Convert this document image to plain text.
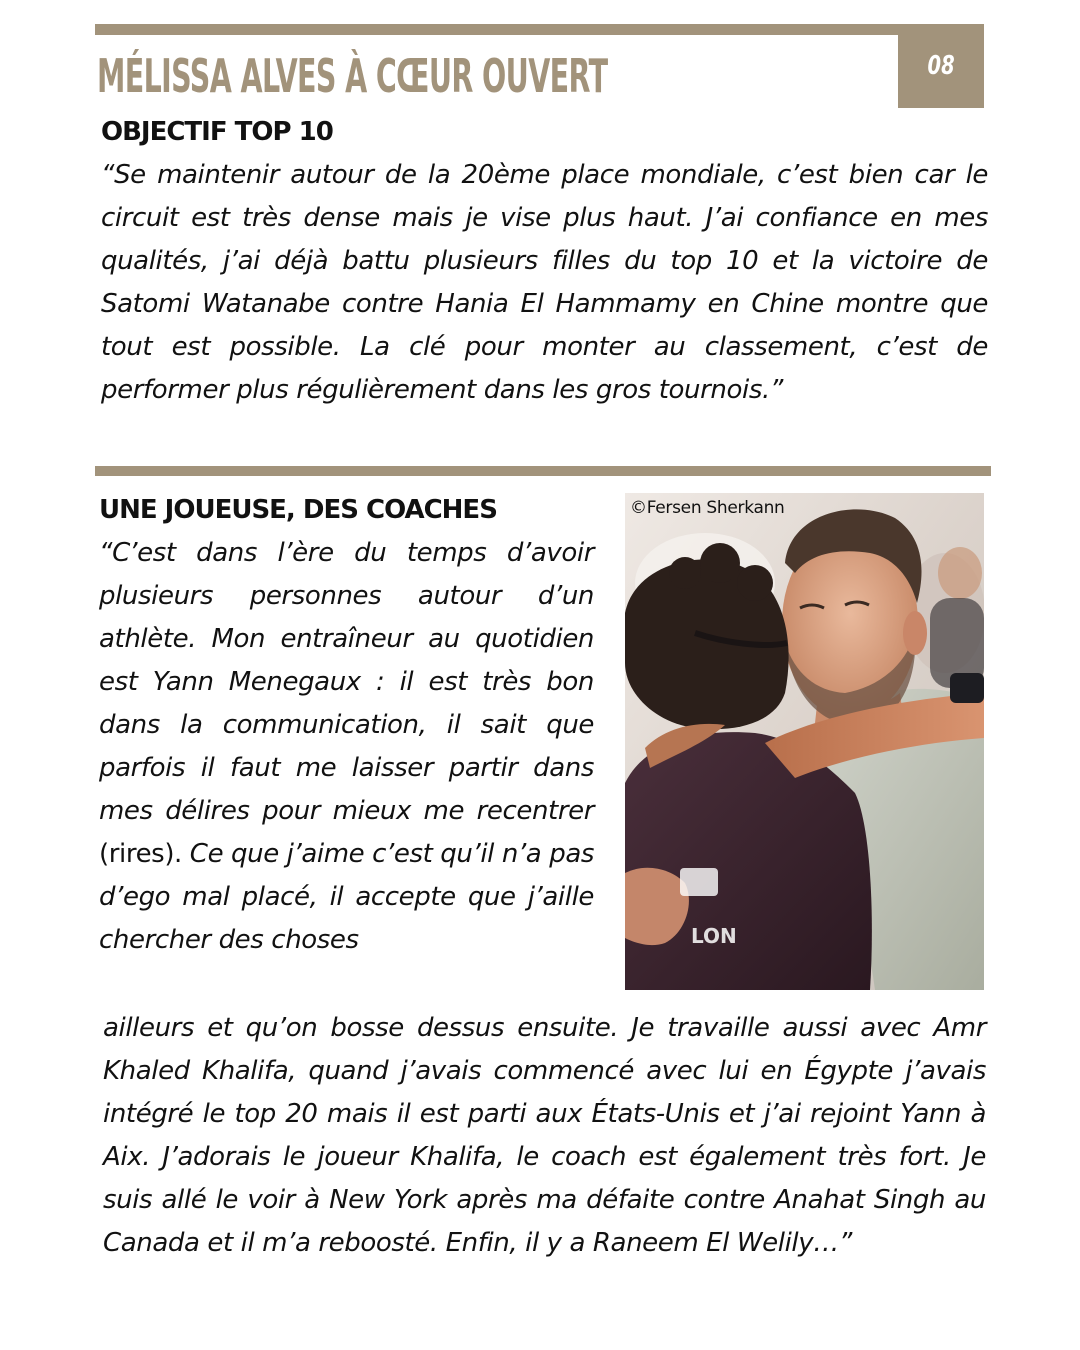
08
MÉLISSA ALVES À CŒUR OUVERT
OBJECTIF TOP 10

“Se maintenir autour de la 20ème place mondiale, c’est bien car le circuit est très dense mais je vise plus haut. J’ai confiance en mes qualités, j’ai déjà battu plusieurs filles du top 10 et la victoire de Satomi Watanabe contre Hania El Hammamy en Chine montre que tout est possible. La clé pour monter au classement, c’est de performer plus régulièrement dans les gros tournois.”

UNE JOUEUSE, DES COACHES

“C’est dans l’ère du temps d’avoir plusieurs personnes autour d’un athlète. Mon entraîneur au quotidien est Yann Menegaux : il est très bon dans la communication, il sait que parfois il faut me laisser partir dans mes délires pour mieux me recentrer (rires). Ce que j’aime c’est qu’il n’a pas d’ego mal placé, il accepte que j’aille chercher des choses

ailleurs et qu’on bosse dessus ensuite. Je travaille aussi avec Amr Khaled Khalifa, quand j’avais commencé avec lui en Égypte j’avais intégré le top 20 mais il est parti aux États-Unis et j’ai rejoint Yann à Aix. J’adorais le joueur Khalifa, le coach est également très fort. Je suis allé le voir à New York après ma défaite contre Anahat Singh au Canada et il m’a reboosté. Enfin, il y a Raneem El Welily…”

LON
©Fersen Sherkann
